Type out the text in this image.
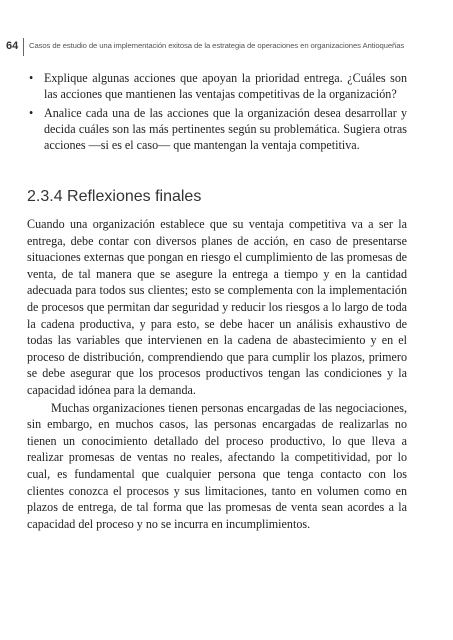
64 Casos de estudio de una implementación exitosa de la estrategia de operaciones en organizaciones Antioqueñas
• Explique algunas acciones que apoyan la prioridad entrega. ¿Cuáles son las acciones que mantienen las ventajas competitivas de la organización?
• Analice cada una de las acciones que la organización desea desarrollar y decida cuáles son las más pertinentes según su problemática. Sugiera otras acciones —si es el caso— que mantengan la ventaja competitiva.
2.3.4 Reflexiones finales

Cuando una organización establece que su ventaja competitiva va a ser la entrega, debe contar con diversos planes de acción, en caso de presentarse situaciones externas que pongan en riesgo el cumplimiento de las promesas de venta, de tal manera que se asegure la entrega a tiempo y en la cantidad adecuada para todos sus clientes; esto se complementa con la implementación de procesos que permitan dar seguridad y reducir los riesgos a lo largo de toda la cadena productiva, y para esto, se debe hacer un análisis exhaustivo de todas las variables que intervienen en la cadena de abastecimiento y en el proceso de distribución, comprendiendo que para cumplir los plazos, primero se debe asegurar que los procesos productivos tengan las condiciones y la capacidad idónea para la demanda.

Muchas organizaciones tienen personas encargadas de las negociaciones, sin embargo, en muchos casos, las personas encargadas de realizarlas no tienen un conocimiento detallado del proceso productivo, lo que lleva a realizar promesas de ventas no reales, afectando la competitividad, por lo cual, es fundamental que cualquier persona que tenga contacto con los clientes conozca el procesos y sus limitaciones, tanto en volumen como en plazos de entrega, de tal forma que las promesas de venta sean acordes a la capacidad del proceso y no se incurra en incumplimientos.
